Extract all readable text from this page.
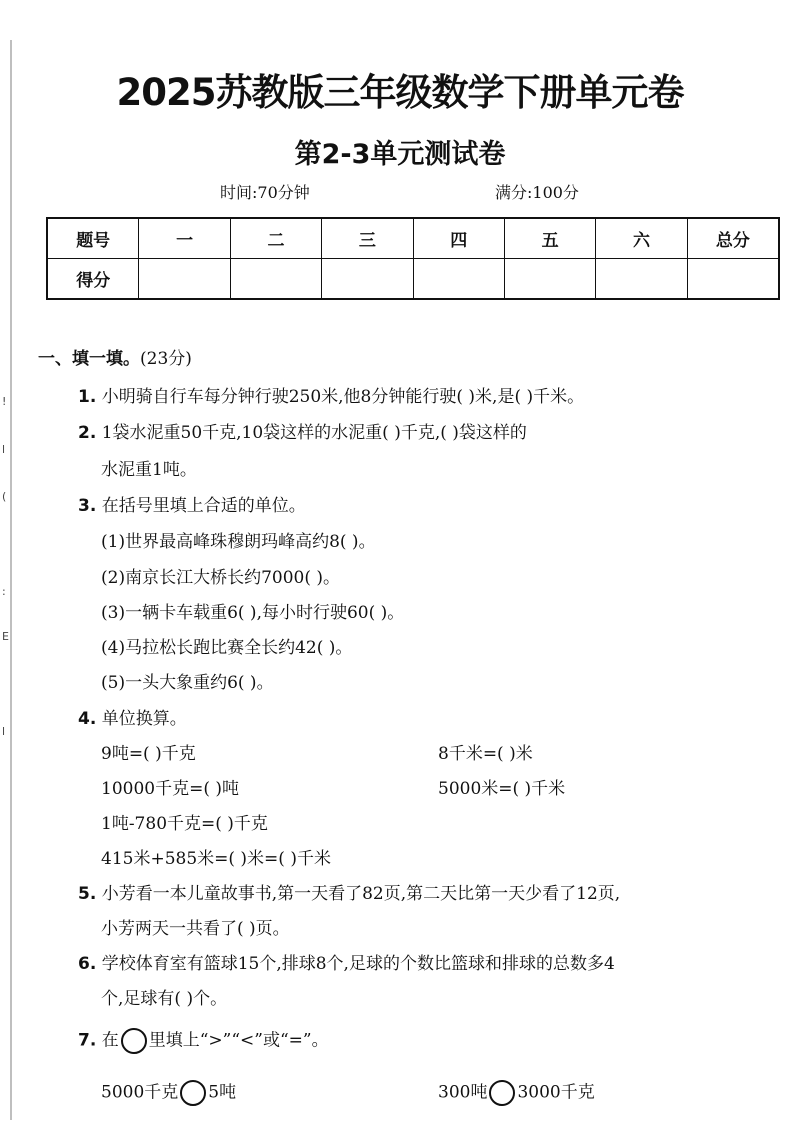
!
l
(
:
E
l
2025苏教版三年级数学下册单元卷
第2-3单元测试卷
时间:70分钟	满分:100分
题号	一	二	三	四	五	六	总分
得分							
一、填一填。(23分)
1. 小明骑自行车每分钟行驶250米,他8分钟能行驶( )米,是( )千米。
2. 1袋水泥重50千克,10袋这样的水泥重( )千克,( )袋这样的
水泥重1吨。
3. 在括号里填上合适的单位。
(1)世界最高峰珠穆朗玛峰高约8( )。
(2)南京长江大桥长约7000( )。
(3)一辆卡车载重6( ),每小时行驶60( )。
(4)马拉松长跑比赛全长约42( )。
(5)一头大象重约6( )。
4. 单位换算。
9吨=( )千克	8千米=( )米
10000千克=( )吨	5000米=( )千米
1吨-780千克=( )千克
415米+585米=( )米=( )千米
5. 小芳看一本儿童故事书,第一天看了82页,第二天比第一天少看了12页,
小芳两天一共看了( )页。
6. 学校体育室有篮球15个,排球8个,足球的个数比篮球和排球的总数多4
个,足球有( )个。
7. 在 里填上“>”“<”或“=”。
5000千克 5吨	300吨 3000千克
